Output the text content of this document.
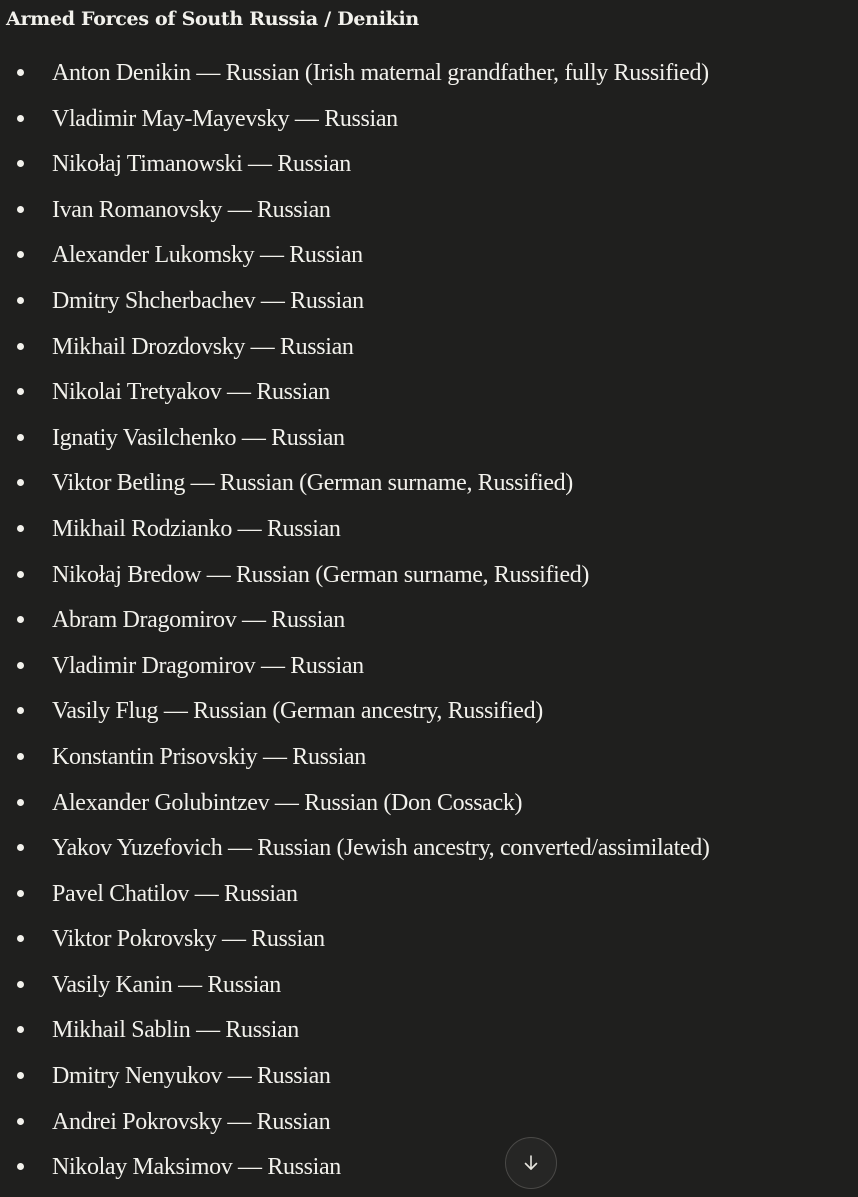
Armed Forces of South Russia / Denikin
Anton Denikin — Russian (Irish maternal grandfather, fully Russified)
Vladimir May-Mayevsky — Russian
Nikołaj Timanowski — Russian
Ivan Romanovsky — Russian
Alexander Lukomsky — Russian
Dmitry Shcherbachev — Russian
Mikhail Drozdovsky — Russian
Nikolai Tretyakov — Russian
Ignatiy Vasilchenko — Russian
Viktor Betling — Russian (German surname, Russified)
Mikhail Rodzianko — Russian
Nikołaj Bredow — Russian (German surname, Russified)
Abram Dragomirov — Russian
Vladimir Dragomirov — Russian
Vasily Flug — Russian (German ancestry, Russified)
Konstantin Prisovskiy — Russian
Alexander Golubintzev — Russian (Don Cossack)
Yakov Yuzefovich — Russian (Jewish ancestry, converted/assimilated)
Pavel Chatilov — Russian
Viktor Pokrovsky — Russian
Vasily Kanin — Russian
Mikhail Sablin — Russian
Dmitry Nenyukov — Russian
Andrei Pokrovsky — Russian
Nikolay Maksimov — Russian
